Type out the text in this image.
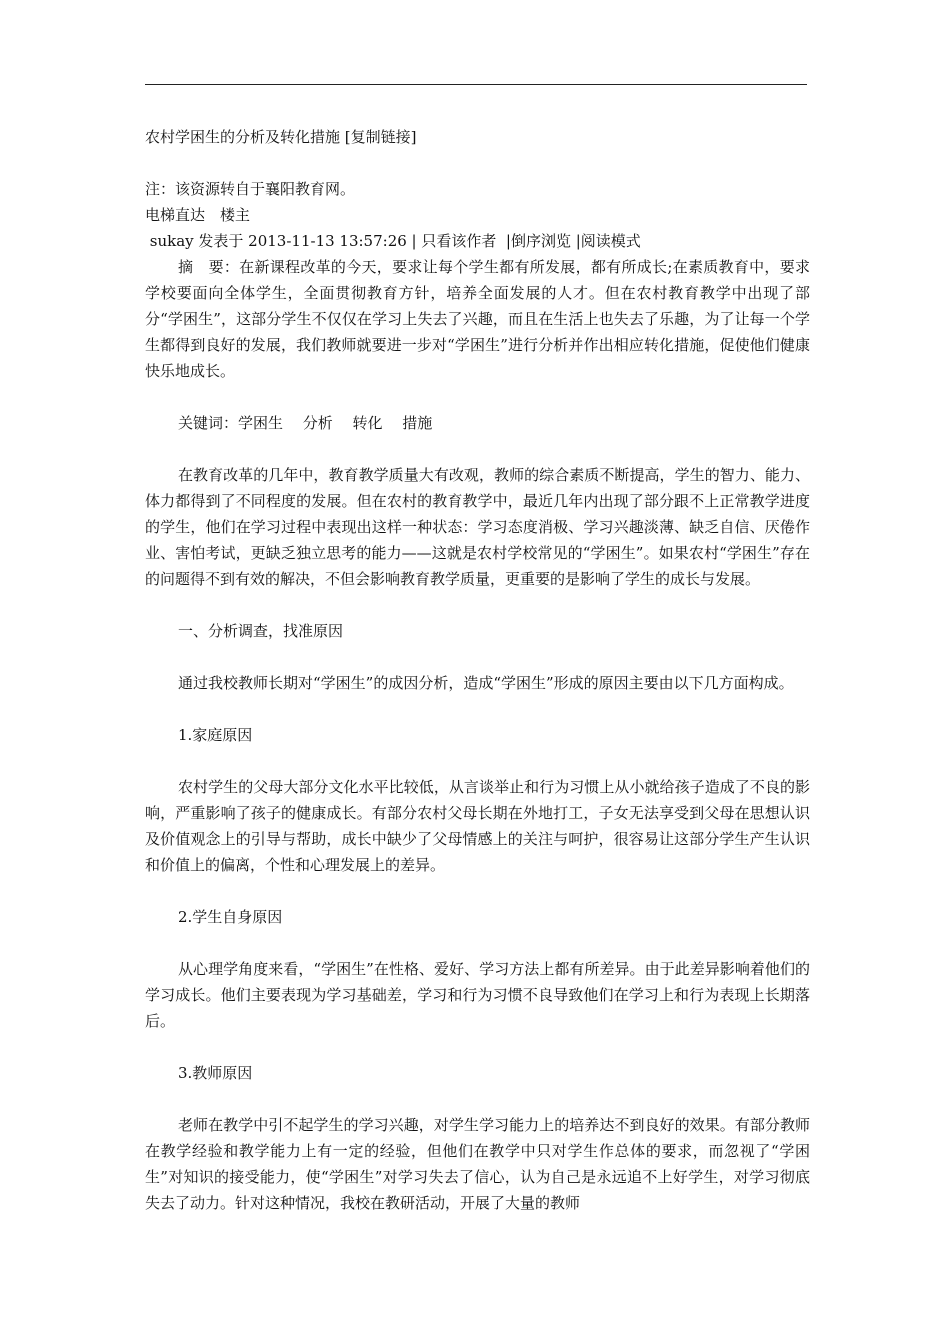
农村学困生的分析及转化措施 [复制链接]

注：该资源转自于襄阳教育网。

电梯直达　楼主

sukay 发表于 2013-11-13 13:57:26 | 只看该作者  |倒序浏览 |阅读模式

摘　要：在新课程改革的今天，要求让每个学生都有所发展，都有所成长;在素质教育中，要求学校要面向全体学生，全面贯彻教育方针，培养全面发展的人才。但在农村教育教学中出现了部分“学困生”，这部分学生不仅仅在学习上失去了兴趣，而且在生活上也失去了乐趣，为了让每一个学生都得到良好的发展，我们教师就要进一步对“学困生”进行分析并作出相应转化措施，促使他们健康快乐地成长。

关键词：学困生　 分析　 转化　 措施

在教育改革的几年中，教育教学质量大有改观，教师的综合素质不断提高，学生的智力、能力、体力都得到了不同程度的发展。但在农村的教育教学中，最近几年内出现了部分跟不上正常教学进度的学生，他们在学习过程中表现出这样一种状态：学习态度消极、学习兴趣淡薄、缺乏自信、厌倦作业、害怕考试，更缺乏独立思考的能力——这就是农村学校常见的“学困生”。如果农村“学困生”存在的问题得不到有效的解决，不但会影响教育教学质量，更重要的是影响了学生的成长与发展。

一、分析调查，找准原因

通过我校教师长期对“学困生”的成因分析，造成“学困生”形成的原因主要由以下几方面构成。

1.家庭原因

农村学生的父母大部分文化水平比较低，从言谈举止和行为习惯上从小就给孩子造成了不良的影响，严重影响了孩子的健康成长。有部分农村父母长期在外地打工，子女无法享受到父母在思想认识及价值观念上的引导与帮助，成长中缺少了父母情感上的关注与呵护，很容易让这部分学生产生认识和价值上的偏离，个性和心理发展上的差异。

2.学生自身原因

从心理学角度来看，“学困生”在性格、爱好、学习方法上都有所差异。由于此差异影响着他们的学习成长。他们主要表现为学习基础差，学习和行为习惯不良导致他们在学习上和行为表现上长期落后。

3.教师原因

老师在教学中引不起学生的学习兴趣，对学生学习能力上的培养达不到良好的效果。有部分教师在教学经验和教学能力上有一定的经验，但他们在教学中只对学生作总体的要求，而忽视了“学困生”对知识的接受能力，使“学困生”对学习失去了信心，认为自己是永远追不上好学生，对学习彻底失去了动力。针对这种情况，我校在教研活动，开展了大量的教师
